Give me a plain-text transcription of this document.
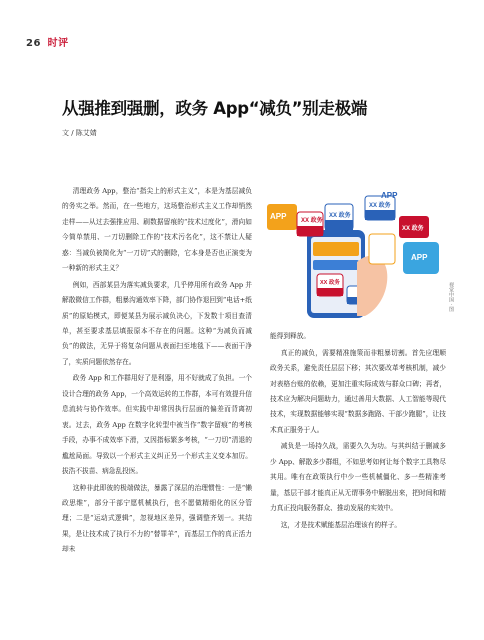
26 时评
从强推到强删，政务 App“减负”别走极端
文 / 陈艾婧

清理政务 App，整治“指尖上的形式主义”，本是为基层减负的务实之举。然而，在一些地方，这场整治形式主义工作却悄然走样——从过去强推应用、刷数据留痕的“技术过度化”，滑向如今简单禁用、一刀切删除工作的“技术污名化”，这不禁让人疑惑：当减负被简化为“一刀切”式的删除，它本身是否也正演变为一种新的形式主义？

例如，西部某县为落实减负要求，几乎停用所有政务 App 并解散微信工作群，粗暴沟通效率下降，部门协作退回到“电话+纸质”的原始模式，即便某县为展示减负决心，下发数十项目查清单，甚至要求基层填报原本不存在的问题。这种“为减负而减负”的做法，无异于将复杂问题从表面扫至地毯下——表面干净了，实质问题依然存在。

政务 App 和工作群用好了是利器，用不好就成了负担。一个设计合理的政务 App，一个高效运转的工作群，本可有效提升信息流转与协作效率。但实践中却常因执行层面的偏差而背离初衷。过去，政务 App 在数字化转型中被当作“数字留痕”的考核手段，办事不成效率下滑，又因指标繁多考核，“一刀切”清退的尴尬局面。导致以一个形式主义纠正另一个形式主义变本加厉。拔浩不拔苗、病急乱投医。

这种非此即彼的极端做法，暴露了深层的治理惯性：一是“懒政思维”，部分干部宁愿机械执行，也不愿做精细化的区分管理；二是“运动式逻辑”，忽视地区差异，强调整齐划一。其结果，是让技术成了执行不力的“替罪羊”，而基层工作的真正活力却未

APP XX 政务
XX 政务
XX 政务
XX 政务
XX 政务
APP
APP
视觉中国 · 图

能得到释放。

真正的减负，需要精准施策而非粗暴切割。首先应理顺政务关系，避免责任层层下移；其次要改革考核机制，减少对表格台账的依赖，更加注重实际成效与群众口碑；再者，技术应为解决问题助力，通过善用大数据、人工智能等现代技术，实现数据能够实现“数据多跑路、干部少跑腿”，让技术真正服务于人。

减负是一场持久战，需要久久为功。与其纠结于删减多少 App、解散多少群组，不如思考如何让每个数字工具物尽其用。唯有在政策执行中少一些机械僵化、多一些精准考量，基层干部才能真正从无谓事务中解脱出来，把时间和精力真正投向服务群众、推动发展的实效中。

这，才是技术赋能基层治理该有的样子。
